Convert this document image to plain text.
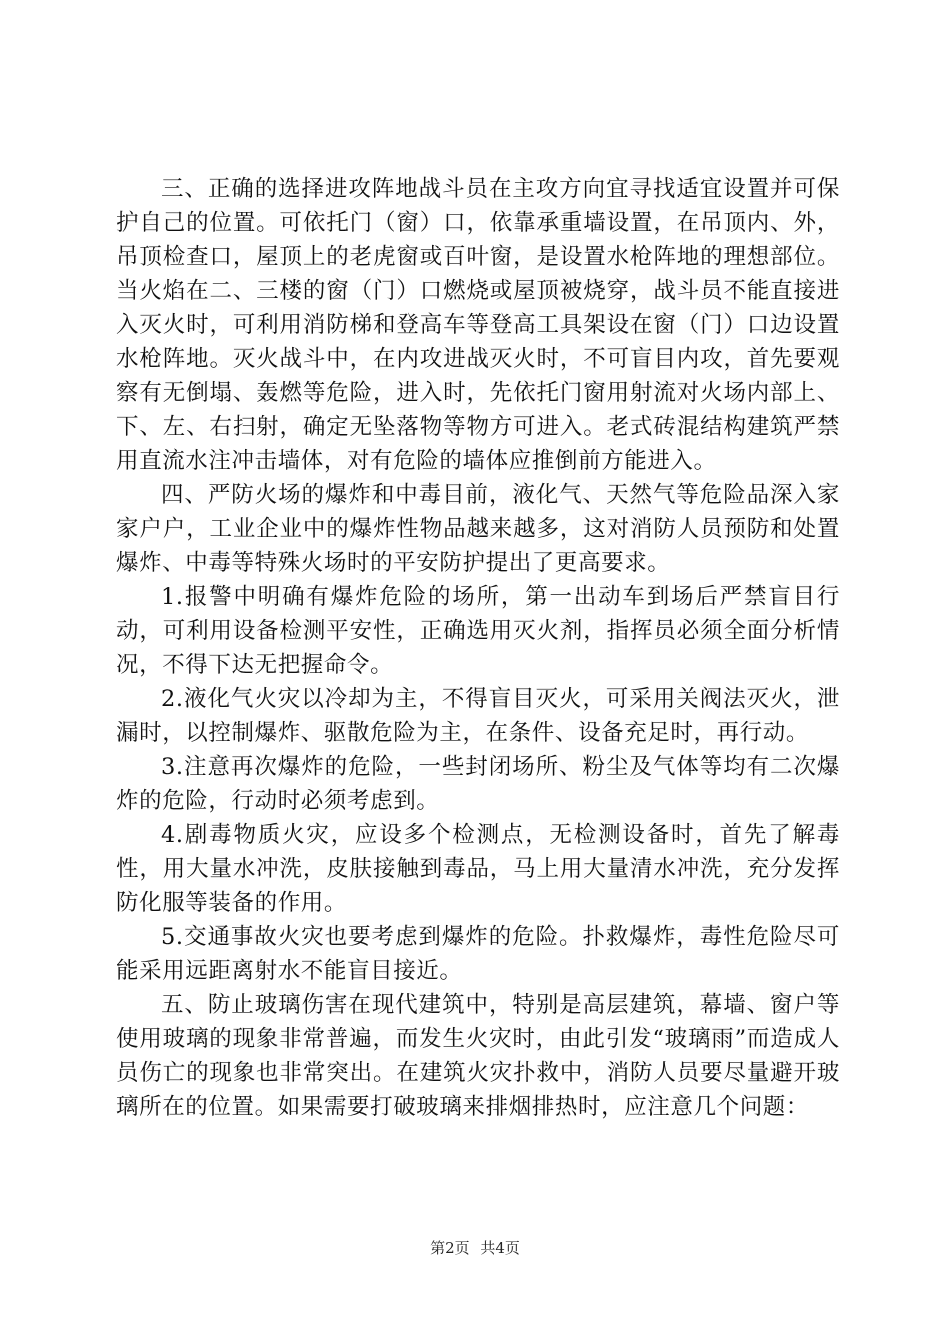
三、正确的选择进攻阵地战斗员在主攻方向宜寻找适宜设置并可保护自己的位置。可依托门（窗）口，依靠承重墙设置，在吊顶内、外，吊顶检查口，屋顶上的老虎窗或百叶窗，是设置水枪阵地的理想部位。当火焰在二、三楼的窗（门）口燃烧或屋顶被烧穿，战斗员不能直接进入灭火时，可利用消防梯和登高车等登高工具架设在窗（门）口边设置水枪阵地。灭火战斗中，在内攻进战灭火时，不可盲目内攻，首先要观察有无倒塌、轰燃等危险，进入时，先依托门窗用射流对火场内部上、下、左、右扫射，确定无坠落物等物方可进入。老式砖混结构建筑严禁用直流水注冲击墙体，对有危险的墙体应推倒前方能进入。

四、严防火场的爆炸和中毒目前，液化气、天然气等危险品深入家家户户，工业企业中的爆炸性物品越来越多，这对消防人员预防和处置爆炸、中毒等特殊火场时的平安防护提出了更高要求。

1.报警中明确有爆炸危险的场所，第一出动车到场后严禁盲目行动，可利用设备检测平安性，正确选用灭火剂，指挥员必须全面分析情况，不得下达无把握命令。

2.液化气火灾以冷却为主，不得盲目灭火，可采用关阀法灭火，泄漏时，以控制爆炸、驱散危险为主，在条件、设备充足时，再行动。

3.注意再次爆炸的危险，一些封闭场所、粉尘及气体等均有二次爆炸的危险，行动时必须考虑到。

4.剧毒物质火灾，应设多个检测点，无检测设备时，首先了解毒性，用大量水冲洗，皮肤接触到毒品，马上用大量清水冲洗，充分发挥防化服等装备的作用。

5.交通事故火灾也要考虑到爆炸的危险。扑救爆炸，毒性危险尽可能采用远距离射水不能盲目接近。

五、防止玻璃伤害在现代建筑中，特别是高层建筑，幕墙、窗户等使用玻璃的现象非常普遍，而发生火灾时，由此引发“玻璃雨”而造成人员伤亡的现象也非常突出。在建筑火灾扑救中，消防人员要尽量避开玻璃所在的位置。如果需要打破玻璃来排烟排热时，应注意几个问题：

第2页 共4页
